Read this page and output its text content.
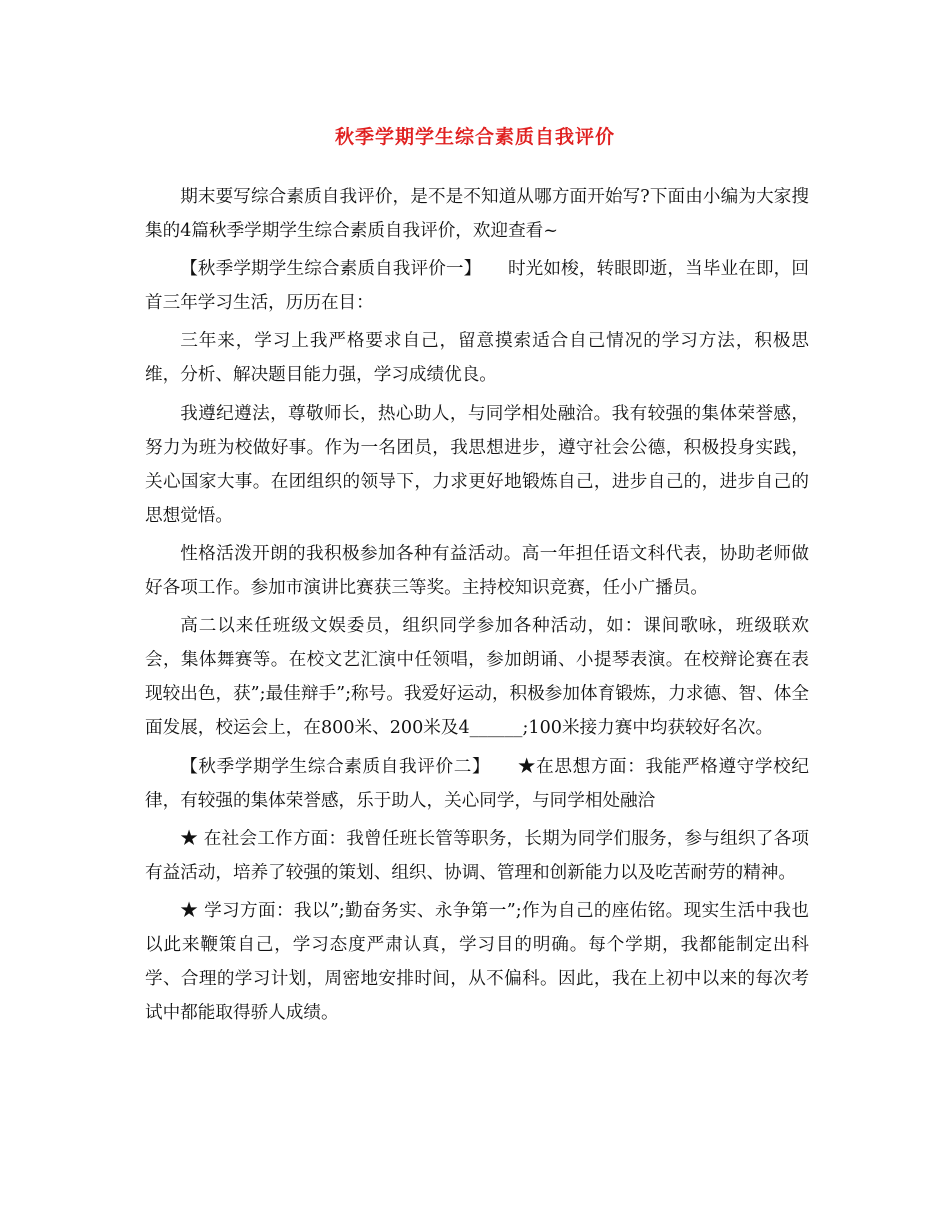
秋季学期学生综合素质自我评价

期末要写综合素质自我评价，是不是不知道从哪方面开始写?下面由小编为大家搜集的4篇秋季学期学生综合素质自我评价，欢迎查看~

【秋季学期学生综合素质自我评价一】　　时光如梭，转眼即逝，当毕业在即，回首三年学习生活，历历在目：

三年来，学习上我严格要求自己，留意摸索适合自己情况的学习方法，积极思维，分析、解决题目能力强，学习成绩优良。

我遵纪遵法，尊敬师长，热心助人，与同学相处融洽。我有较强的集体荣誉感，努力为班为校做好事。作为一名团员，我思想进步，遵守社会公德，积极投身实践，关心国家大事。在团组织的领导下，力求更好地锻炼自己，进步自己的，进步自己的思想觉悟。

性格活泼开朗的我积极参加各种有益活动。高一年担任语文科代表，协助老师做好各项工作。参加市演讲比赛获三等奖。主持校知识竞赛，任小广播员。

高二以来任班级文娱委员，组织同学参加各种活动，如：课间歌咏，班级联欢会，集体舞赛等。在校文艺汇演中任领唱，参加朗诵、小提琴表演。在校辩论赛在表现较出色，获”;最佳辩手”;称号。我爱好运动，积极参加体育锻炼，力求德、智、体全面发展，校运会上，在800米、200米及4______;100米接力赛中均获较好名次。

【秋季学期学生综合素质自我评价二】　　★在思想方面：我能严格遵守学校纪律，有较强的集体荣誉感，乐于助人，关心同学，与同学相处融洽

★ 在社会工作方面：我曾任班长管等职务，长期为同学们服务，参与组织了各项有益活动，培养了较强的策划、组织、协调、管理和创新能力以及吃苦耐劳的精神。

★ 学习方面：我以”;勤奋务实、永争第一”;作为自己的座佑铭。现实生活中我也以此来鞭策自己，学习态度严肃认真，学习目的明确。每个学期，我都能制定出科学、合理的学习计划，周密地安排时间，从不偏科。因此，我在上初中以来的每次考试中都能取得骄人成绩。
